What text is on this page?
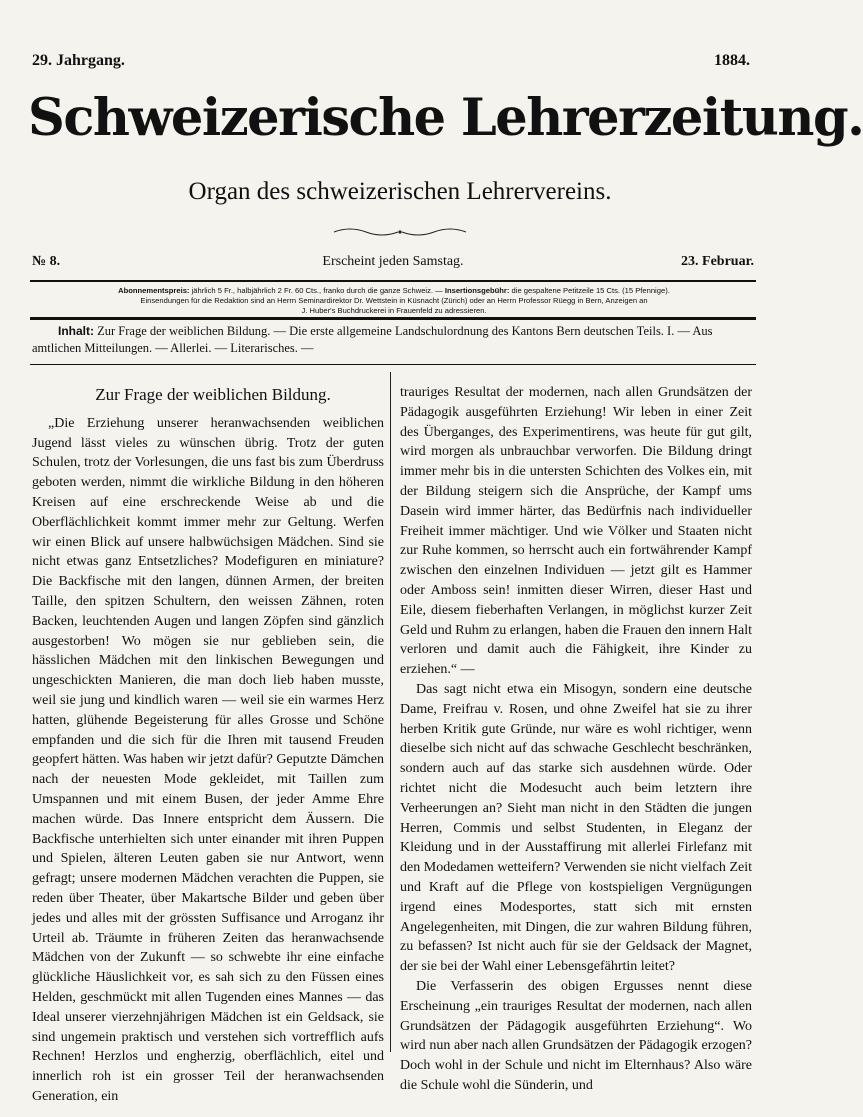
29. Jahrgang.	1884.
Schweizerische Lehrerzeitung.
Organ des schweizerischen Lehrervereins.
№ 8.	Erscheint jeden Samstag.	23. Februar.
Abonnementspreis: jährlich 5 Fr., halbjährlich 2 Fr. 60 Cts., franko durch die ganze Schweiz. — Insertionsgebühr: die gespaltene Petitzeile 15 Cts. (15 Pfennige).
Einsendungen für die Redaktion sind an Herrn Seminardirektor Dr. Wettstein in Küsnacht (Zürich) oder an Herrn Professor Rüegg in Bern, Anzeigen an
J. Huber's Buchdruckerei in Frauenfeld zu adressieren.
Inhalt: Zur Frage der weiblichen Bildung. — Die erste allgemeine Landschulordnung des Kantons Bern deutschen Teils. I. — Aus amtlichen Mitteilungen. — Allerlei. — Literarisches. —
Zur Frage der weiblichen Bildung.

„Die Erziehung unserer heranwachsenden weiblichen Jugend lässt vieles zu wünschen übrig. Trotz der guten Schulen, trotz der Vorlesungen, die uns fast bis zum Überdruss geboten werden, nimmt die wirkliche Bildung in den höheren Kreisen auf eine erschreckende Weise ab und die Oberflächlichkeit kommt immer mehr zur Geltung. Werfen wir einen Blick auf unsere halbwüchsigen Mädchen. Sind sie nicht etwas ganz Entsetzliches? Modefiguren en miniature? Die Backfische mit den langen, dünnen Armen, der breiten Taille, den spitzen Schultern, den weissen Zähnen, roten Backen, leuchtenden Augen und langen Zöpfen sind gänzlich ausgestorben! Wo mögen sie nur geblieben sein, die hässlichen Mädchen mit den linkischen Bewegungen und ungeschickten Manieren, die man doch lieb haben musste, weil sie jung und kindlich waren — weil sie ein warmes Herz hatten, glühende Begeisterung für alles Grosse und Schöne empfanden und die sich für die Ihren mit tausend Freuden geopfert hätten. Was haben wir jetzt dafür? Geputzte Dämchen nach der neuesten Mode gekleidet, mit Taillen zum Umspannen und mit einem Busen, der jeder Amme Ehre machen würde. Das Innere entspricht dem Äussern. Die Backfische unterhielten sich unter einander mit ihren Puppen und Spielen, älteren Leuten gaben sie nur Antwort, wenn gefragt; unsere modernen Mädchen verachten die Puppen, sie reden über Theater, über Makartsche Bilder und geben über jedes und alles mit der grössten Suffisance und Arroganz ihr Urteil ab. Träumte in früheren Zeiten das heranwachsende Mädchen von der Zukunft — so schwebte ihr eine einfache glückliche Häuslichkeit vor, es sah sich zu den Füssen eines Helden, geschmückt mit allen Tugenden eines Mannes — das Ideal unserer vierzehnjährigen Mädchen ist ein Geldsack, sie sind ungemein praktisch und verstehen sich vortrefflich aufs Rechnen! Herzlos und engherzig, oberflächlich, eitel und innerlich roh ist ein grosser Teil der heranwachsenden Generation, ein

trauriges Resultat der modernen, nach allen Grundsätzen der Pädagogik ausgeführten Erziehung! Wir leben in einer Zeit des Überganges, des Experimentirens, was heute für gut gilt, wird morgen als unbrauchbar verworfen. Die Bildung dringt immer mehr bis in die untersten Schichten des Volkes ein, mit der Bildung steigern sich die Ansprüche, der Kampf ums Dasein wird immer härter, das Bedürfnis nach individueller Freiheit immer mächtiger. Und wie Völker und Staaten nicht zur Ruhe kommen, so herrscht auch ein fortwährender Kampf zwischen den einzelnen Individuen — jetzt gilt es Hammer oder Amboss sein! inmitten dieser Wirren, dieser Hast und Eile, diesem fieberhaften Verlangen, in möglichst kurzer Zeit Geld und Ruhm zu erlangen, haben die Frauen den innern Halt verloren und damit auch die Fähigkeit, ihre Kinder zu erziehen.“ —

Das sagt nicht etwa ein Misogyn, sondern eine deutsche Dame, Freifrau v. Rosen, und ohne Zweifel hat sie zu ihrer herben Kritik gute Gründe, nur wäre es wohl richtiger, wenn dieselbe sich nicht auf das schwache Geschlecht beschränken, sondern auch auf das starke sich ausdehnen würde. Oder richtet nicht die Modesucht auch beim letztern ihre Verheerungen an? Sieht man nicht in den Städten die jungen Herren, Commis und selbst Studenten, in Eleganz der Kleidung und in der Ausstaffirung mit allerlei Firlefanz mit den Modedamen wetteifern? Verwenden sie nicht vielfach Zeit und Kraft auf die Pflege von kostspieligen Vergnügungen irgend eines Modesportes, statt sich mit ernsten Angelegenheiten, mit Dingen, die zur wahren Bildung führen, zu befassen? Ist nicht auch für sie der Geldsack der Magnet, der sie bei der Wahl einer Lebensgefährtin leitet?

Die Verfasserin des obigen Ergusses nennt diese Erscheinung „ein trauriges Resultat der modernen, nach allen Grundsätzen der Pädagogik ausgeführten Erziehung“. Wo wird nun aber nach allen Grundsätzen der Pädagogik erzogen? Doch wohl in der Schule und nicht im Elternhaus? Also wäre die Schule wohl die Sünderin, und
